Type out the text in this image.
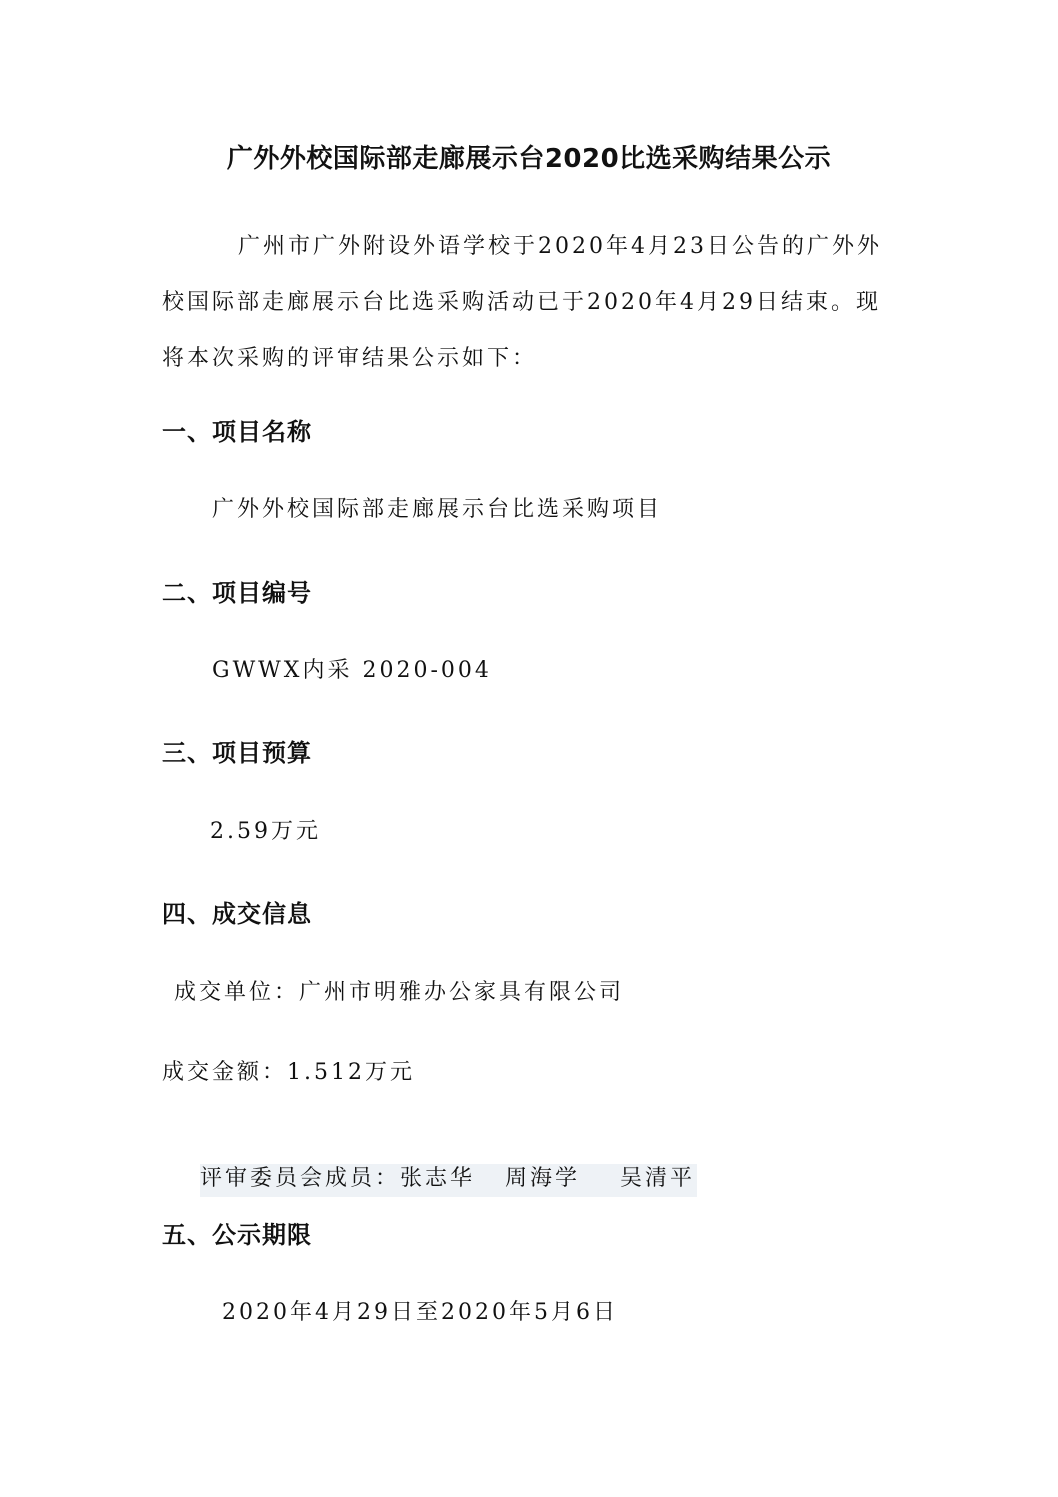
广外外校国际部走廊展示台2020比选采购结果公示

广州市广外附设外语学校于2020年4月23日公告的广外外校国际部走廊展示台比选采购活动已于2020年4月29日结束。现将本次采购的评审结果公示如下：

一、项目名称
广外外校国际部走廊展示台比选采购项目
二、项目编号
GWWX内采 2020-004
三、项目预算
2.59万元
四、成交信息
成交单位：广州市明雅办公家具有限公司
成交金额：1.512万元

评审委员会成员：张志华   周海学    吴清平

五、公示期限
2020年4月29日至2020年5月6日
